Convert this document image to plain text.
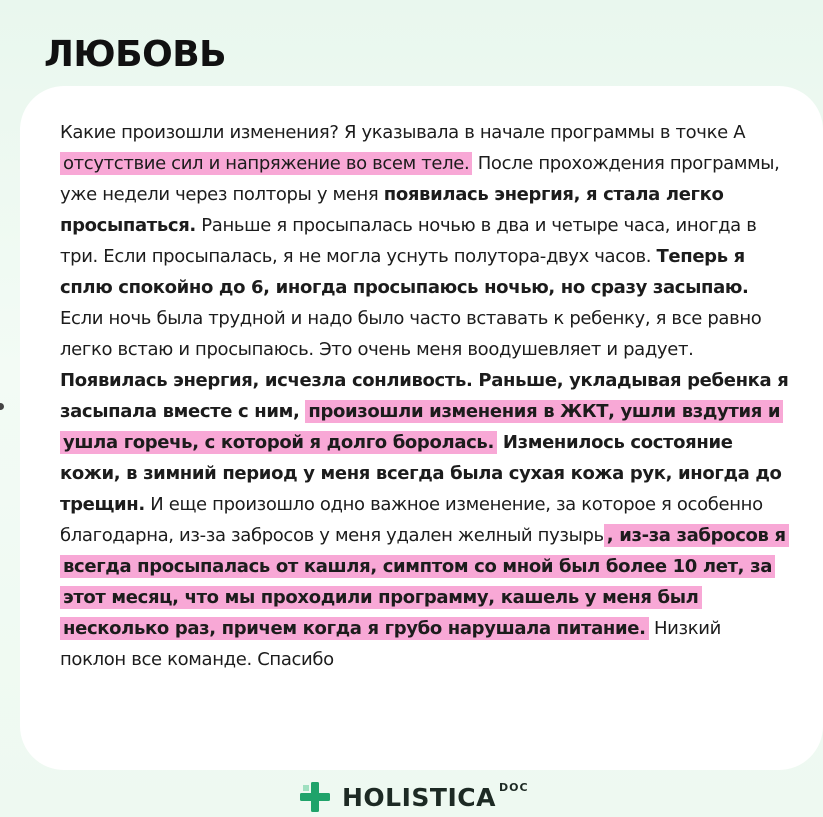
ЛЮБОВЬ

Какие произошли изменения? Я указывала в начале программы в точке А отсутствие сил и напряжение во всем теле. После прохождения программы, уже недели через полторы у меня появилась энергия, я стала легко просыпаться. Раньше я просыпалась ночью в два и четыре часа, иногда в три. Если просыпалась, я не могла уснуть полутора-двух часов. Теперь я сплю спокойно до 6, иногда просыпаюсь ночью, но сразу засыпаю. Если ночь была трудной и надо было часто вставать к ребенку, я все равно легко встаю и просыпаюсь. Это очень меня воодушевляет и радует. Появилась энергия, исчезла сонливость. Раньше, укладывая ребенка я засыпала вместе с ним, произошли изменения в ЖКТ, ушли вздутия и ушла горечь, с которой я долго боролась. Изменилось состояние кожи, в зимний период у меня всегда была сухая кожа рук, иногда до трещин. И еще произошло одно важное изменение, за которое я особенно благодарна, из-за забросов у меня удален желный пузырь , из-за забросов я всегда просыпалась от кашля, симптом со мной был более 10 лет, за этот месяц, что мы проходили программу, кашель у меня был несколько раз, причем когда я грубо нарушала питание. Низкий поклон все команде. Спасибо

HOLISTICA DOC
